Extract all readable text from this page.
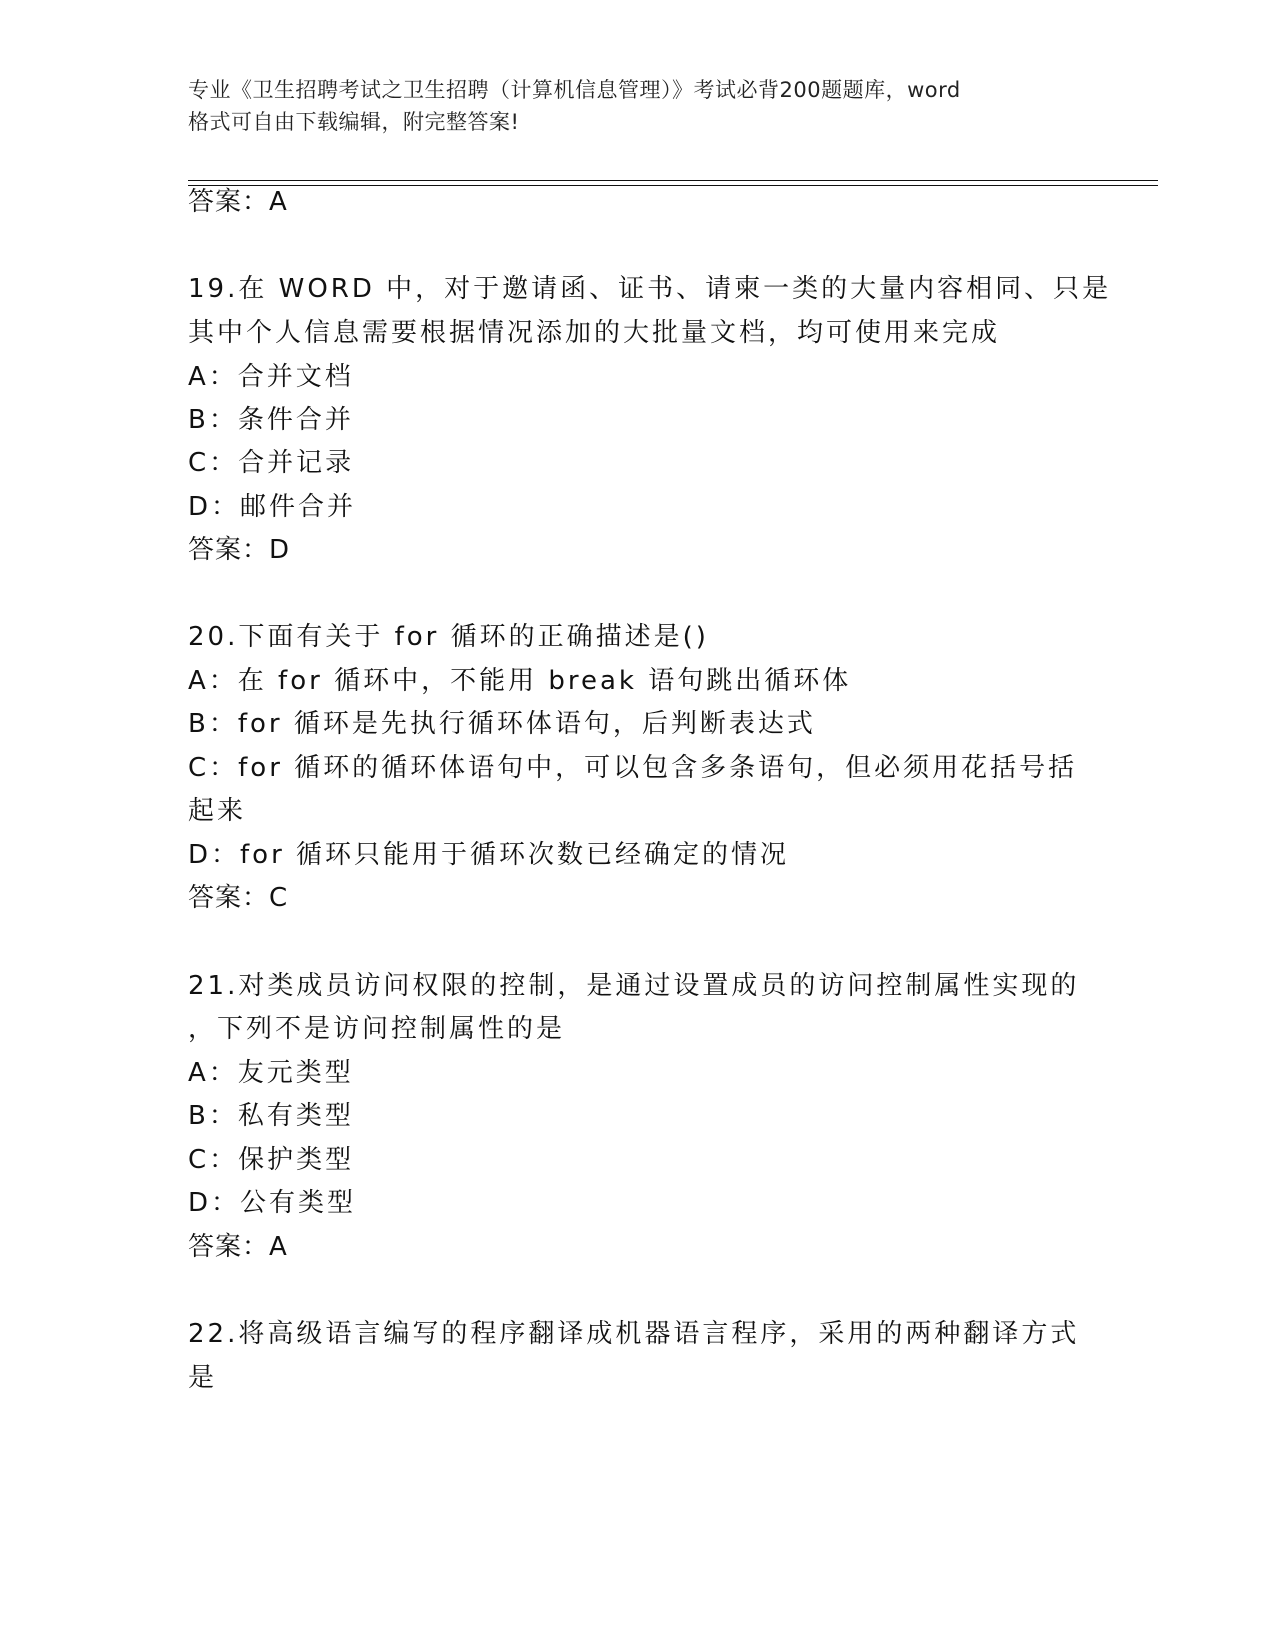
专业《卫生招聘考试之卫生招聘（计算机信息管理）》考试必背200题题库，word
格式可自由下载编辑，附完整答案!
答案：A
19.在 WORD 中，对于邀请函、证书、请柬一类的大量内容相同、只是
其中个人信息需要根据情况添加的大批量文档，均可使用来完成
A：合并文档
B：条件合并
C：合并记录
D：邮件合并
答案：D
20.下面有关于 for 循环的正确描述是()
A：在 for 循环中，不能用 break 语句跳出循环体
B：for 循环是先执行循环体语句，后判断表达式
C：for 循环的循环体语句中，可以包含多条语句，但必须用花括号括
起来
D：for 循环只能用于循环次数已经确定的情况
答案：C
21.对类成员访问权限的控制，是通过设置成员的访问控制属性实现的
，下列不是访问控制属性的是
A：友元类型
B：私有类型
C：保护类型
D：公有类型
答案：A
22.将高级语言编写的程序翻译成机器语言程序，采用的两种翻译方式
是
